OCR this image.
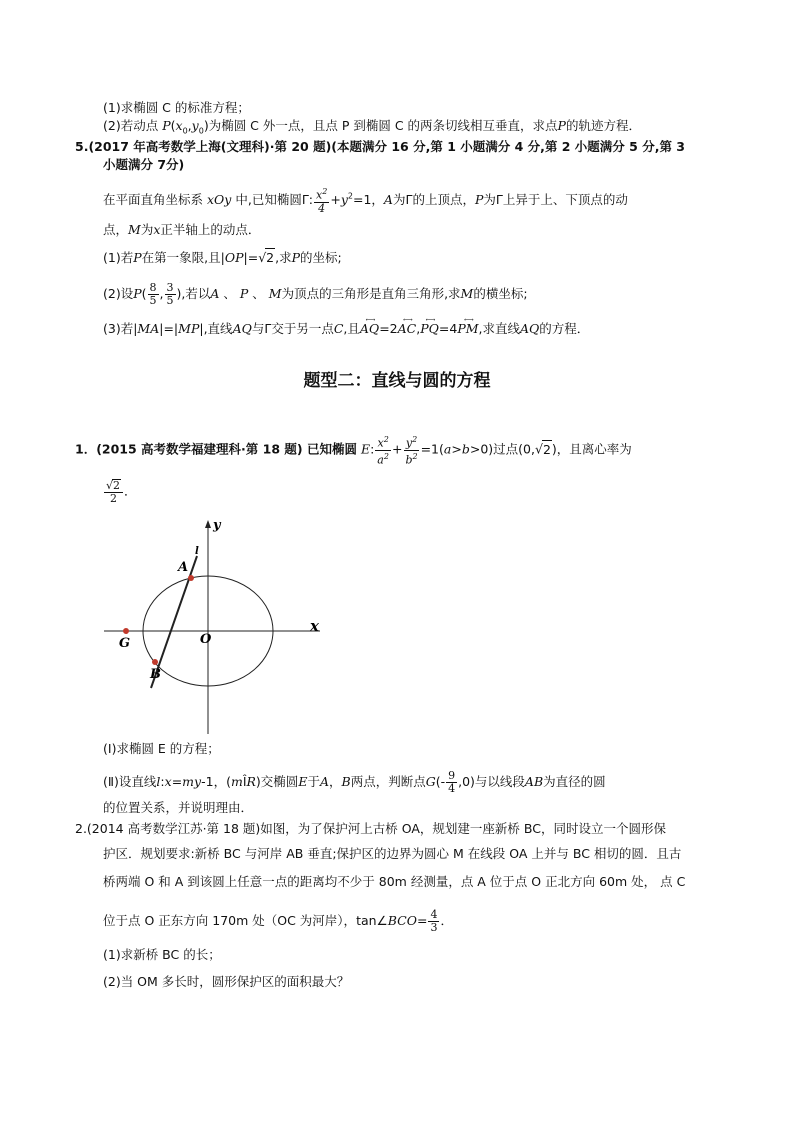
(1)求椭圆 C 的标准方程；
(2)若动点 $P(x_0,y_0)$为椭圆 C 外一点，且点 P 到椭圆 C 的两条切线相互垂直，求点P的轨迹方程．
5.(2017 年高考数学上海(文理科)·第 20 题)(本题满分 16 分,第 1 小题满分 4 分,第 2 小题满分 5 分,第 3
小题满分 7分)
在平面直角坐标系 xOy 中,已知椭圆Γ: $\frac{x^2}{4} +y^2=1$，A为Γ的上顶点，P为Γ上异于上、下顶点的动
点，M为x正半轴上的动点．
(1)若P在第一象限,且|OP|=√2,求P的坐标;
(2)设$P( \frac{8}{5}$ , $\frac{3}{5}$ ),若以A 、 P 、 M为顶点的三角形是直角三角形,求M的横坐标;
(3)若|MA|=|MP|,直线AQ与Γ交于另一点C,且←→ AQ=2←→ AC,←→ PQ=4←→ PM,求直线AQ的方程．
题型二：直线与圆的方程
1．(2015 高考数学福建理科·第 18 题) 已知椭圆 E: $\frac{x^2}{a^2} + \frac{y^2}{b^2} =1(a>b>0)$过点(0,√2)，且离心率为
$\frac{√2}{2}$ ．
y
x
O
A
B
G
l
(Ⅰ)求椭圆 E 的方程；
(Ⅱ)设直线l:x=my-1，(mÎR)交椭圆E于A，B两点，判断点$G(- \frac{9}{4} ,0)$与以线段AB为直径的圆
的位置关系，并说明理由．
2.(2014 高考数学江苏·第 18 题)如图，为了保护河上古桥 OA，规划建一座新桥 BC，同时设立一个圆形保
护区．规划要求:新桥 BC 与河岸 AB 垂直;保护区的边界为圆心 M 在线段 OA 上并与 BC 相切的圆．且古
桥两端 O 和 A 到该圆上任意一点的距离均不少于 80m 经测量，点 A 位于点 O 正北方向 60m 处， 点 C
位于点 O 正东方向 170m 处（OC 为河岸），tan∠BCO= $\frac{4}{3}$ ．
(1)求新桥 BC 的长；
(2)当 OM 多长时，圆形保护区的面积最大？
